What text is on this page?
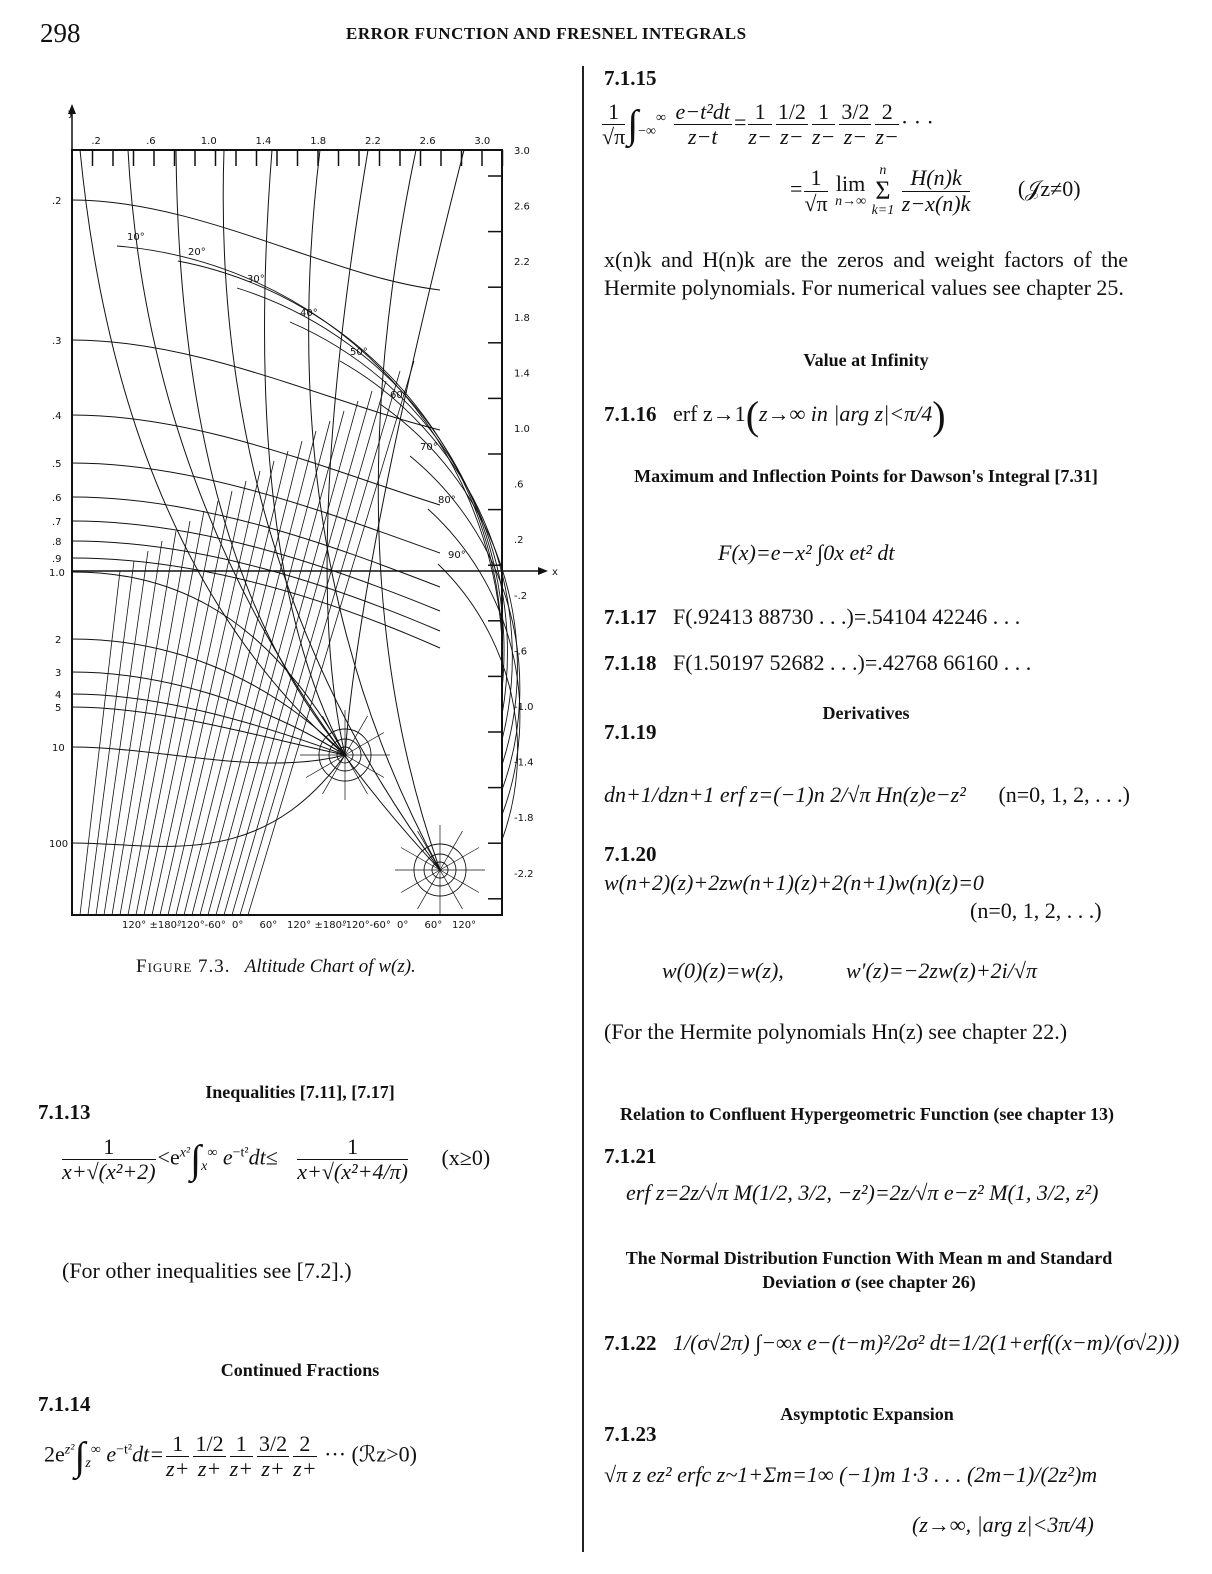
298	ERROR FUNCTION AND FRESNEL INTEGRALS
y
x
.2	.6	1.0	1.4	1.8	2.2	2.6	3.0
3.0
2.6
2.2
1.8
1.4
1.0
.6
.2
-.2
-.6
-1.0
-1.4
-1.8
-2.2
.2
.3
.4
.5
.6
.7
.8
.9
1.0
2
3
4
5
10
100
10°
20°
30°
40°
50°
60°
70°
80°
90°
120° ±180°
-120° -60° 0° 60° 120° ±180°
-120° -60° 0° 60° 120°
Figure 7.3. Altitude Chart of w(z).
Inequalities [7.11], [7.17]
7.1.13
$\frac{1}{\text{x+√(x²+2)}} <e^{x^2}\int_x^\infty$ $e^{-t^2}dt\le \frac{1}{\text{x+√(x²+4/π)}} (x\ge 0)$
(For other inequalities see [7.2].)
Continued Fractions
7.1.14
$2e^{z^2}\int_z^\infty$ $e^{-t^2}dt= \frac{1}{z+} \frac{1/2}{z+} \frac{1}{z+} \frac{3/2}{z+} \frac{2}{z+}$ ··· (ℛz>0)
7.1.15
$\frac{1}{√\pi} \int_{-\infty}^\infty \frac{\text{e−t²dt}}{z-t} = \frac{1}{z-} \frac{1/2}{z-} \frac{1}{z-} \frac{3/2}{z-} \frac{2}{z-}$ · · ·
= $\frac{1}{√\pi}$
lim
n→∞

n
Σ
k=1
$\frac{H(n)k}{z-x(n)k}$ (𝒥z≠0)

x(n)k and H(n)k are the zeros and weight factors of the Hermite polynomials. For numerical values see chapter 25.

Value at Infinity
7.1.16 erf z→1(z→∞ in |arg z|<π/4)
Maximum and Inflection Points for Dawson's Integral [7.31]
F(x)=e−x² ∫0x et² dt
7.1.17 F(.92413 88730 . . .)=.54104 42246 . . .
7.1.18 F(1.50197 52682 . . .)=.42768 66160 . . .
Derivatives
7.1.19
dn+1/dzn+1 erf z=(−1)n 2/√π Hn(z)e−z² (n=0, 1, 2, . . .)
7.1.20
w(n+2)(z)+2zw(n+1)(z)+2(n+1)w(n)(z)=0
(n=0, 1, 2, . . .)
w(0)(z)=w(z),	w′(z)=−2zw(z)+2i/√π

(For the Hermite polynomials Hn(z) see chapter 22.)

Relation to Confluent Hypergeometric Function (see chapter 13)
7.1.21
erf z=2z/√π M(1/2, 3/2, −z²)=2z/√π e−z² M(1, 3/2, z²)
The Normal Distribution Function With Mean m and Standard Deviation σ (see chapter 26)
7.1.22 1/(σ√2π) ∫−∞x e−(t−m)²/2σ² dt=1/2(1+erf((x−m)/(σ√2)))
Asymptotic Expansion
7.1.23
√π z ez² erfc z~1+Σm=1∞ (−1)m 1·3 . . . (2m−1)/(2z²)m
(z→∞, |arg z|<3π/4)
